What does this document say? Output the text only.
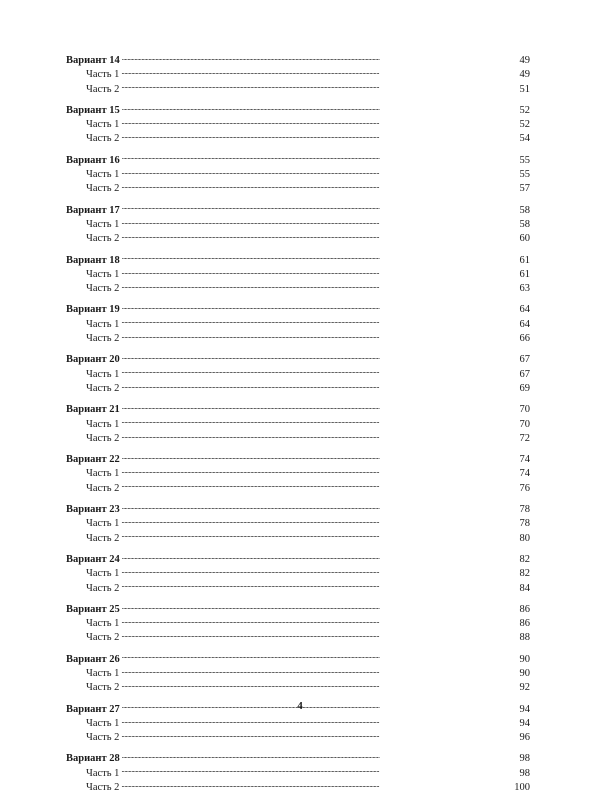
Вариант 14 . . .	49
Часть 1 . . .	49
Часть 2 . . .	51
Вариант 15 . . .	52
Часть 1 . . .	52
Часть 2 . . .	54
Вариант 16 . . .	55
Часть 1 . . .	55
Часть 2 . . .	57
Вариант 17 . . .	58
Часть 1 . . .	58
Часть 2 . . .	60
Вариант 18 . . .	61
Часть 1 . . .	61
Часть 2 . . .	63
Вариант 19 . . .	64
Часть 1 . . .	64
Часть 2 . . .	66
Вариант 20 . . .	67
Часть 1 . . .	67
Часть 2 . . .	69
Вариант 21 . . .	70
Часть 1 . . .	70
Часть 2 . . .	72
Вариант 22 . . .	74
Часть 1 . . .	74
Часть 2 . . .	76
Вариант 23 . . .	78
Часть 1 . . .	78
Часть 2 . . .	80
Вариант 24 . . .	82
Часть 1 . . .	82
Часть 2 . . .	84
Вариант 25 . . .	86
Часть 1 . . .	86
Часть 2 . . .	88
Вариант 26 . . .	90
Часть 1 . . .	90
Часть 2 . . .	92
Вариант 27 . . .	94
Часть 1 . . .	94
Часть 2 . . .	96
Вариант 28 . . .	98
Часть 1 . . .	98
Часть 2 . . .	100
4
